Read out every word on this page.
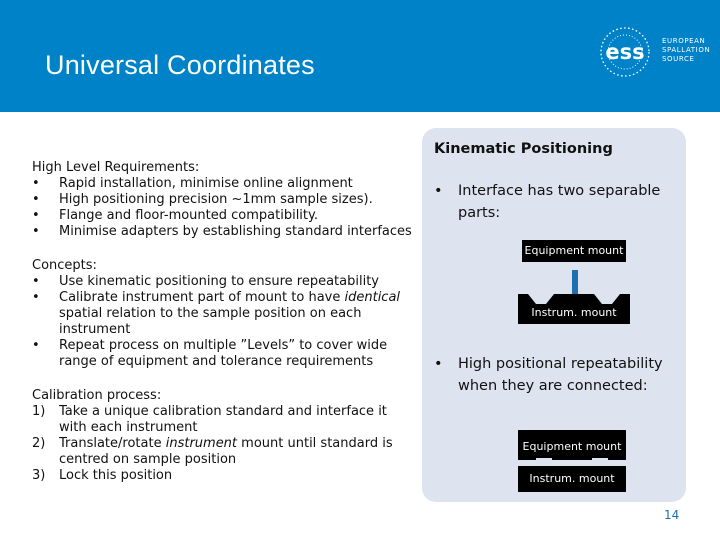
Universal Coordinates	ess EUROPEAN
SPALLATION
SOURCE
High Level Requirements:
• Rapid installation, minimise online alignment
• High positioning precision ~1mm sample sizes).
• Flange and floor-mounted compatibility.
• Minimise adapters by establishing standard interfaces
Concepts:
• Use kinematic positioning to ensure repeatability
• Calibrate instrument part of mount to have identical spatial relation to the sample position on each instrument
• Repeat process on multiple ”Levels” to cover wide range of equipment and tolerance requirements
Calibration process:
1) Take a unique calibration standard and interface it with each instrument
2) Translate/rotate instrument mount until standard is centred on sample position
3) Lock this position
Kinematic Positioning
•	Interface has two separable parts:
Equipment mount
Instrum. mount
•	High positional repeatability when they are connected:
Equipment mount
Instrum. mount
14
